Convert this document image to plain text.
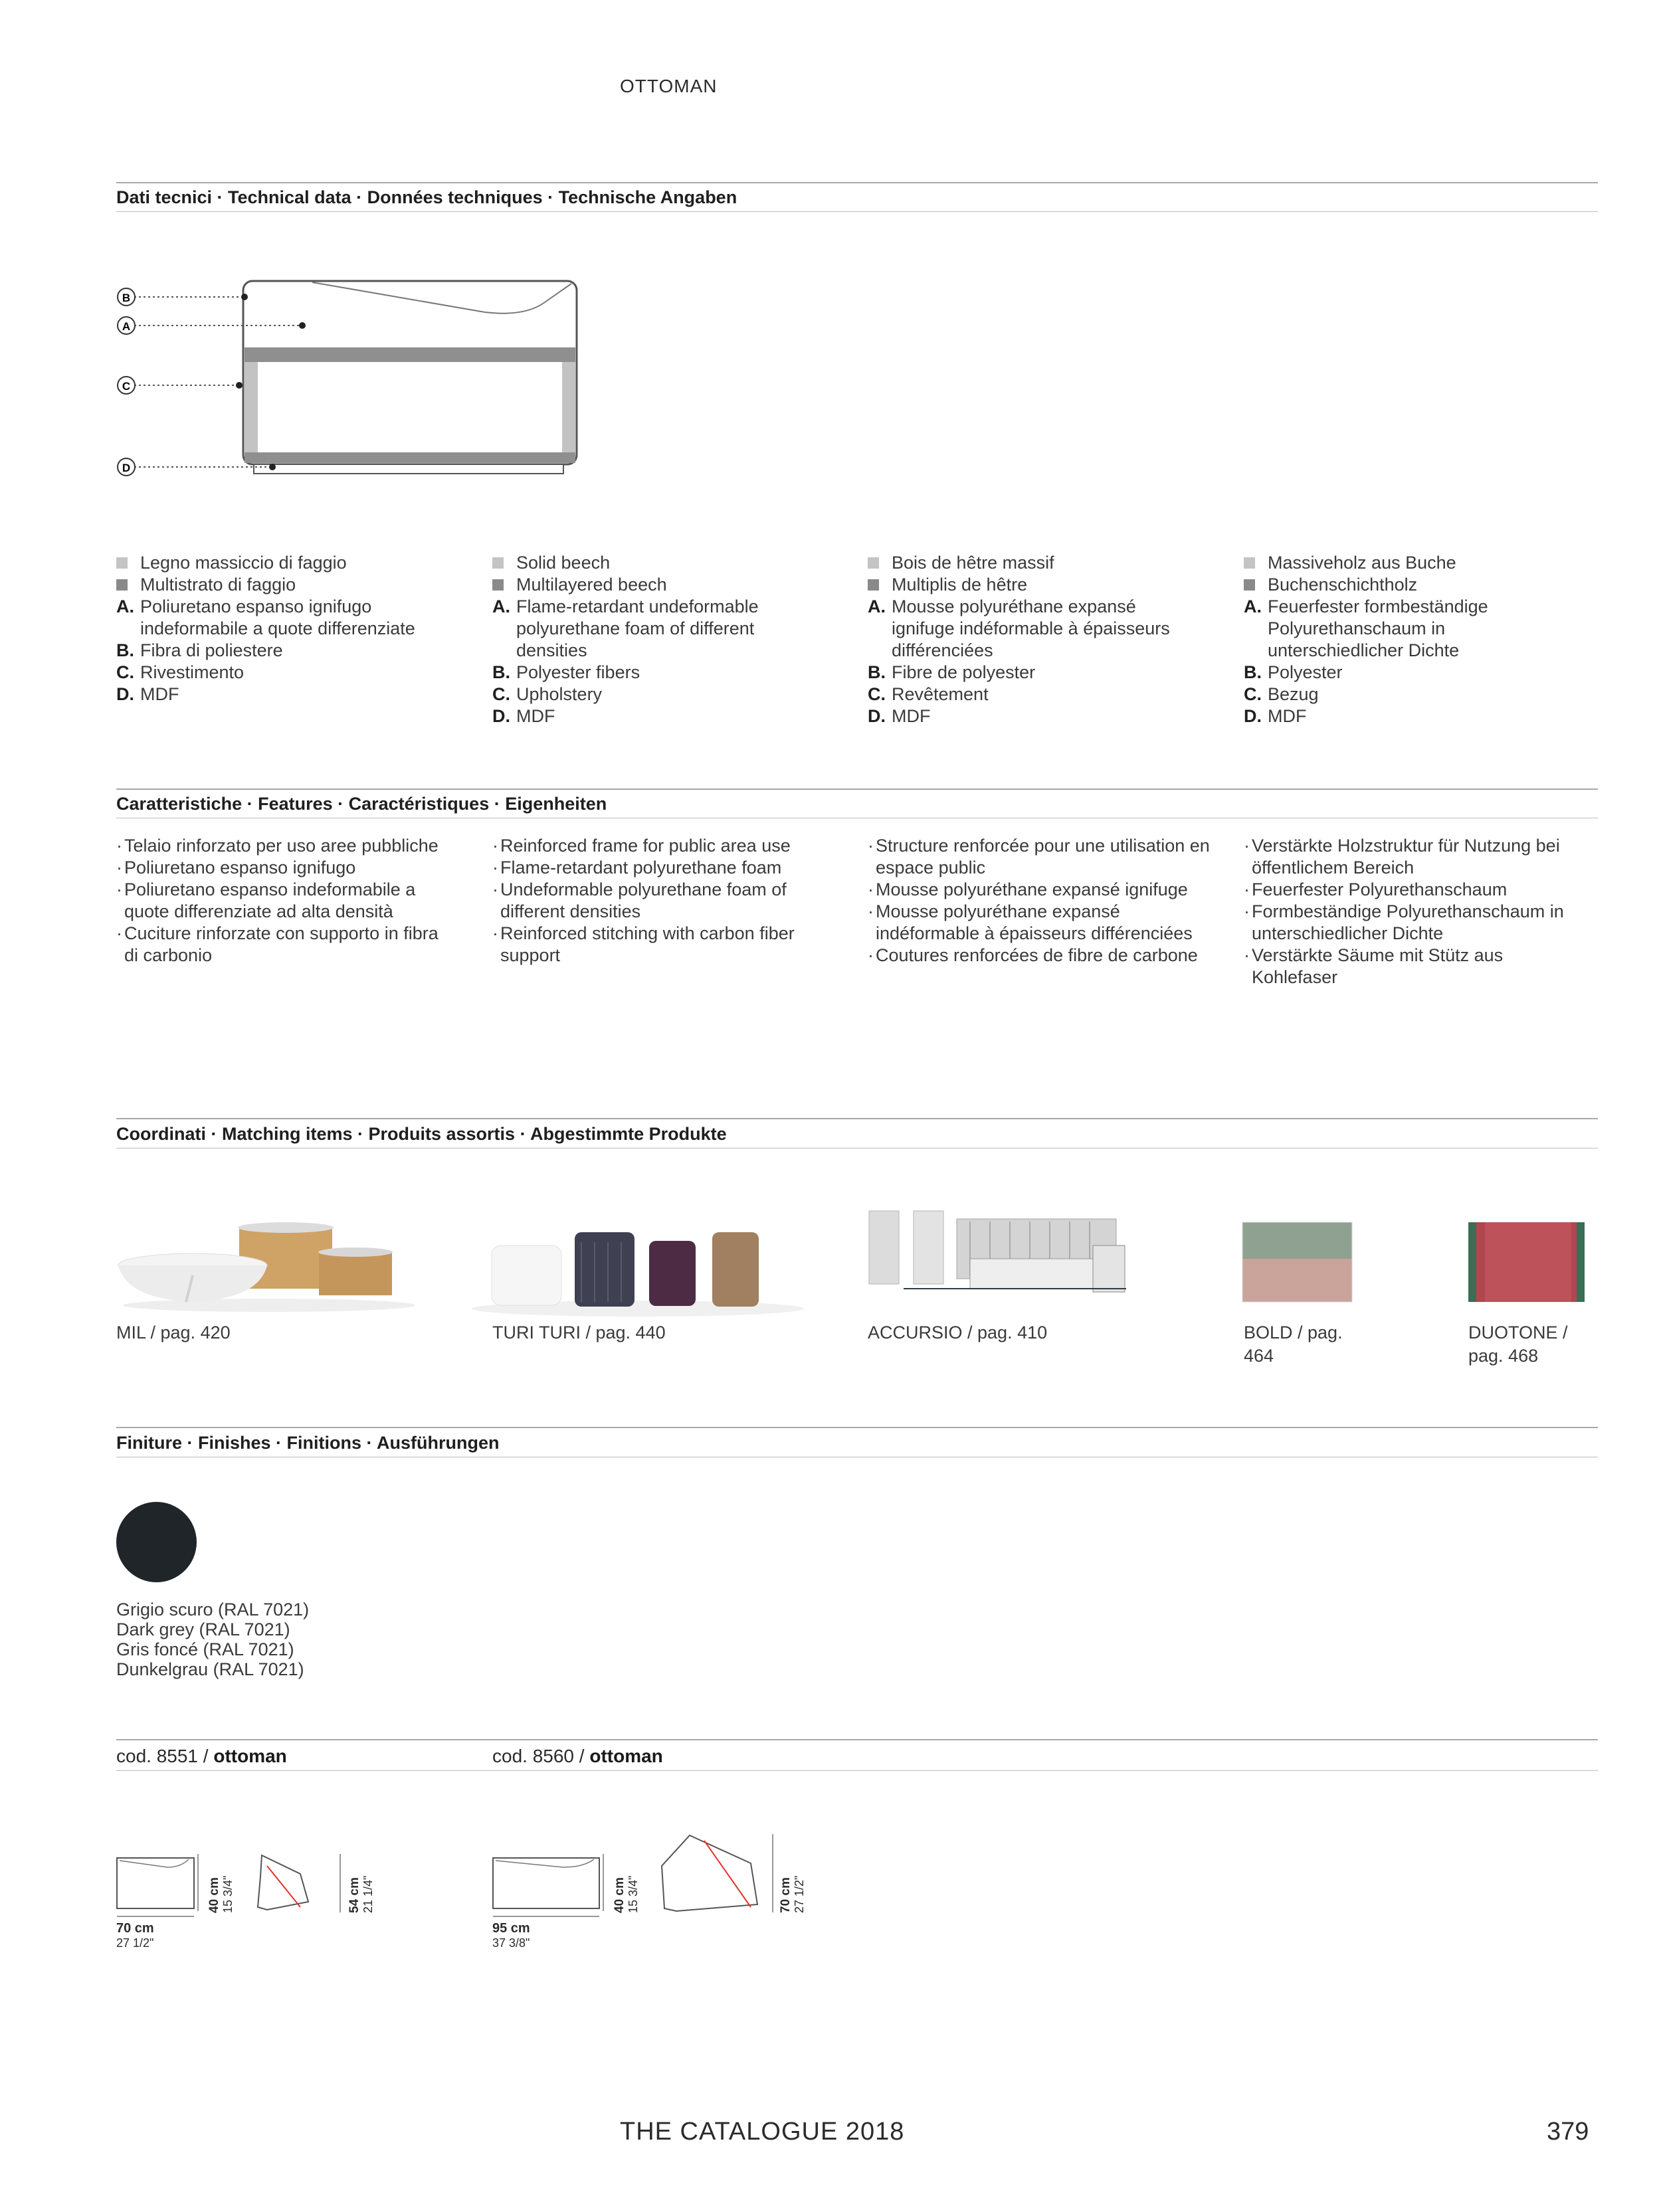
OTTOMAN
Dati tecnici · Technical data · Données techniques · Technische Angaben
B
A
C
D
Legno massiccio di faggio
Multistrato di faggio
A. Poliuretano espanso ignifugo indeformabile a quote differenziate
B. Fibra di poliestere
C. Rivestimento
D. MDF
Solid beech
Multilayered beech
A. Flame-retardant undeformable polyurethane foam of different densities
B. Polyester fibers
C. Upholstery
D. MDF
Bois de hêtre massif
Multiplis de hêtre
A. Mousse polyuréthane expansé ignifuge indéformable à épaisseurs différenciées
B. Fibre de polyester
C. Revêtement
D. MDF
Massiveholz aus Buche
Buchenschichtholz
A. Feuerfester formbeständige Polyurethanschaum in unterschiedlicher Dichte
B. Polyester
C. Bezug
D. MDF
Caratteristiche · Features · Caractéristiques · Eigenheiten
· Telaio rinforzato per uso aree pubbliche
· Poliuretano espanso ignifugo
· Poliuretano espanso indeformabile a quote differenziate ad alta densità
· Cuciture rinforzate con supporto in fibra di carbonio
· Reinforced frame for public area use
· Flame-retardant polyurethane foam
· Undeformable polyurethane foam of different densities
· Reinforced stitching with carbon fiber support
· Structure renforcée pour une utilisation en espace public
· Mousse polyuréthane expansé ignifuge
· Mousse polyuréthane expansé indéformable à épaisseurs différenciées
· Coutures renforcées de fibre de carbone
· Verstärkte Holzstruktur für Nutzung bei öffentlichem Bereich
· Feuerfester Polyurethanschaum
· Formbeständige Polyurethanschaum in unterschiedlicher Dichte
· Verstärkte Säume mit Stütz aus Kohlefaser
Coordinati · Matching items · Produits assortis · Abgestimmte Produkte
MIL / pag. 420	TURI TURI / pag. 440	ACCURSIO / pag. 410	BOLD / pag. 464
DUOTONE / pag. 468
Finiture · Finishes · Finitions · Ausführungen
Grigio scuro (RAL 7021)
Dark grey (RAL 7021)
Gris foncé (RAL 7021)
Dunkelgrau (RAL 7021)
cod. 8551 / ottoman	cod. 8560 / ottoman
40 cm
15 3/4"	54 cm
21 1/4"
70 cm
27 1/2"
40 cm
15 3/4"	70 cm
27 1/2"
95 cm
37 3/8"
THE CATALOGUE 2018	379
